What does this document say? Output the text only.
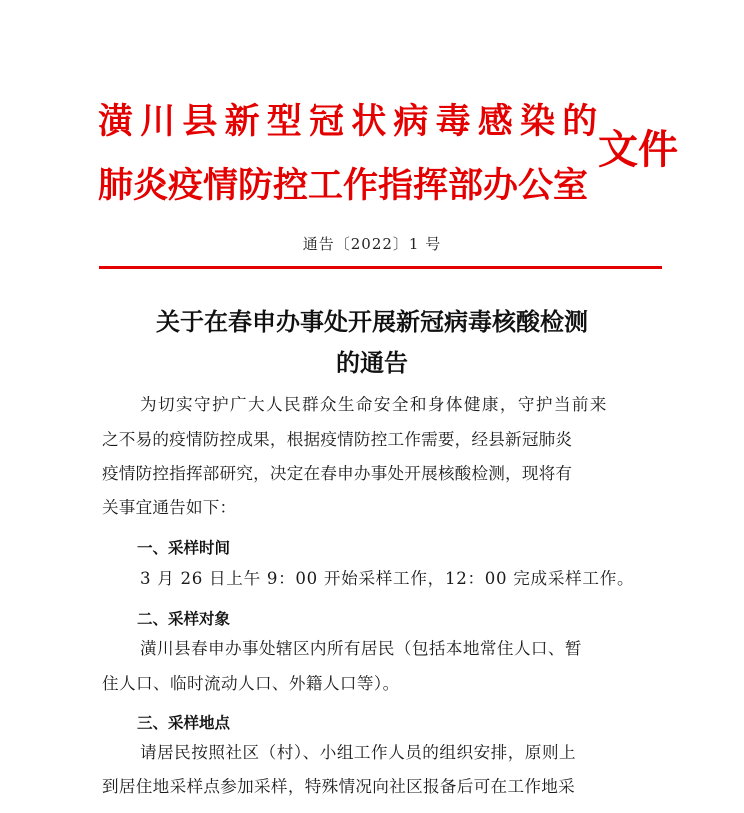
潢川县新型冠状病毒感染的
肺炎疫情防控工作指挥部办公室
文件
通告〔2022〕1 号
关于在春申办事处开展新冠病毒核酸检测
的通告
为切实守护广大人民群众生命安全和身体健康，守护当前来
之不易的疫情防控成果，根据疫情防控工作需要，经县新冠肺炎
疫情防控指挥部研究，决定在春申办事处开展核酸检测，现将有
关事宜通告如下：
一、采样时间
3 月 26 日上午 9：00 开始采样工作，12：00 完成采样工作。
二、采样对象
潢川县春申办事处辖区内所有居民（包括本地常住人口、暂
住人口、临时流动人口、外籍人口等）。
三、采样地点
请居民按照社区（村）、小组工作人员的组织安排，原则上
到居住地采样点参加采样，特殊情况向社区报备后可在工作地采
